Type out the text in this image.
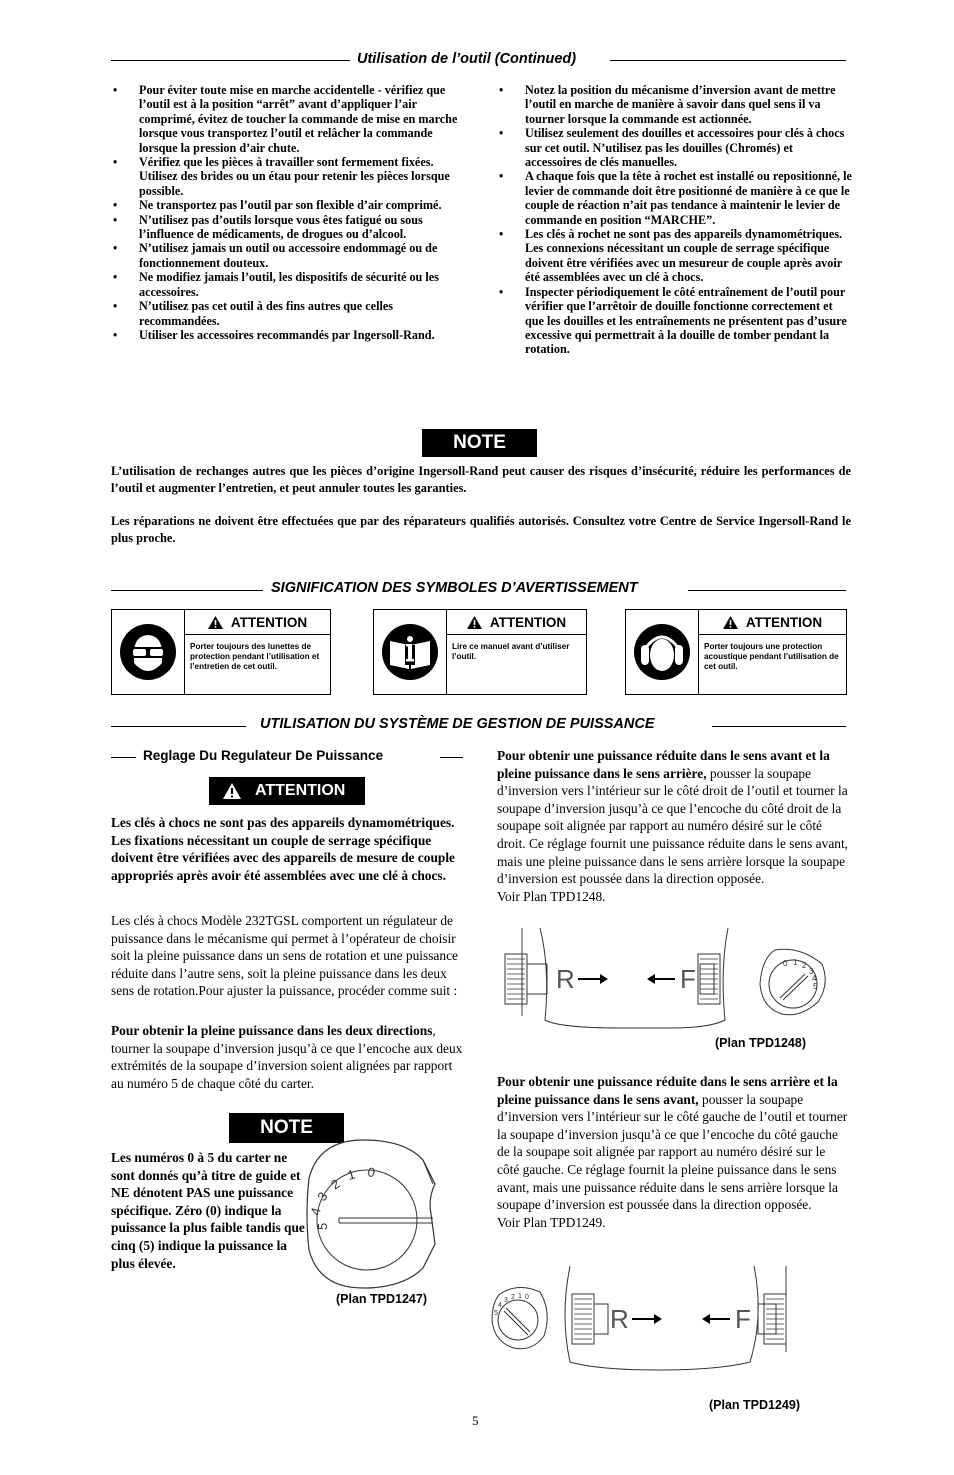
Utilisation de l’outil (Continued)
• Pour éviter toute mise en marche accidentelle - vérifiez que l’outil est à la position “arrêt” avant d’appliquer l’air comprimé, évitez de toucher la commande de mise en marche lorsque vous transportez l’outil et relâcher la commande lorsque la pression d’air chute.
• Vérifiez que les pièces à travailler sont fermement fixées. Utilisez des brides ou un étau pour retenir les pièces lorsque possible.
• Ne transportez pas l’outil par son flexible d’air comprimé.
• N’utilisez pas d’outils lorsque vous êtes fatigué ou sous l’influence de médicaments, de drogues ou d’alcool.
• N’utilisez jamais un outil ou accessoire endommagé ou de fonctionnement douteux.
• Ne modifiez jamais l’outil, les dispositifs de sécurité ou les accessoires.
• N’utilisez pas cet outil à des fins autres que celles recommandées.
• Utiliser les accessoires recommandés par Ingersoll-Rand.
• Notez la position du mécanisme d’inversion avant de mettre l’outil en marche de manière à savoir dans quel sens il va tourner lorsque la commande est actionnée.
• Utilisez seulement des douilles et accessoires pour clés à chocs sur cet outil. N’utilisez pas les douilles (Chromés) et accessoires de clés manuelles.
• A chaque fois que la tête à rochet est installé ou repositionné, le levier de commande doit être positionné de manière à ce que le couple de réaction n’ait pas tendance à maintenir le levier de commande en position “MARCHE”.
• Les clés à rochet ne sont pas des appareils dynamométriques. Les connexions nécessitant un couple de serrage spécifique doivent être vérifiées avec un mesureur de couple après avoir été assemblées avec un clé à chocs.
• Inspecter périodiquement le côté entraînement de l’outil pour vérifier que l’arrêtoir de douille fonctionne correctement et que les douilles et les entraînements ne présentent pas d’usure excessive qui permettrait à la douille de tomber pendant la rotation.
NOTE
L’utilisation de rechanges autres que les pièces d’origine Ingersoll-Rand peut causer des risques d’insécurité, réduire les performances de l’outil et augmenter l’entretien, et peut annuler toutes les garanties.
Les réparations ne doivent être effectuées que par des réparateurs qualifiés autorisés. Consultez votre Centre de Service Ingersoll-Rand le plus proche.
SIGNIFICATION DES SYMBOLES D’AVERTISSEMENT
ATTENTION
Porter toujours des lunettes de protection pendant l’utilisation et l’entretien de cet outil.
ATTENTION
Lire ce manuel avant d’utiliser l’outil.
ATTENTION
Porter toujours une protection acoustique pendant l’utilisation de cet outil.
UTILISATION DU SYSTÈME DE GESTION DE PUISSANCE
Reglage Du Regulateur De Puissance
ATTENTION
Les clés à chocs ne sont pas des appareils dynamométriques. Les fixations nécessitant un couple de serrage spécifique doivent être vérifiées avec des appareils de mesure de couple appropriés après avoir été assemblées avec une clé à chocs.
Les clés à chocs Modèle 232TGSL comportent un régulateur de puissance dans le mécanisme qui permet à l’opérateur de choisir soit la pleine puissance dans un sens de rotation et une puissance réduite dans l’autre sens, soit la pleine puissance dans les deux sens de rotation.Pour ajuster la puissance, procéder comme suit :
Pour obtenir la pleine puissance dans les deux directions, tourner la soupape d’inversion jusqu’à ce que l’encoche aux deux extrémités de la soupape d’inversion soient alignées par rapport au numéro 5 de chaque côté du carter.
NOTE
Les numéros 0 à 5 du carter ne sont donnés qu’à titre de guide et NE dénotent PAS une puissance spécifique. Zéro (0) indique la puissance la plus faible tandis que cinq (5) indique la puissance la plus élevée.
0
1
2
3
4
5
(Plan TPD1247)
Pour obtenir une puissance réduite dans le sens avant et la pleine puissance dans le sens arrière, pousser la soupape d’inversion vers l’intérieur sur le côté droit de l’outil et tourner la soupape d’inversion jusqu’à ce que l’encoche du côté droit de la soupape soit alignée par rapport au numéro désiré sur le côté droit. Ce réglage fournit une puissance réduite dans le sens avant, mais une pleine puissance dans le sens arrière lorsque la soupape d’inversion est poussée dans la direction opposée.
Voir Plan TPD1248.
R	F
0 1 2
3
4
5
(Plan TPD1248)
Pour obtenir une puissance réduite dans le sens arrière et la pleine puissance dans le sens avant, pousser la soupape d’inversion vers l’intérieur sur le côté gauche de l’outil et tourner la soupape d’inversion jusqu’à ce que l’encoche du côté gauche de la soupape soit alignée par rapport au numéro désiré sur le côté gauche. Ce réglage fournit la pleine puissance dans le sens avant, mais une puissance réduite dans le sens arrière lorsque la soupape d’inversion est poussée dans la direction opposée.
Voir Plan TPD1249.
5
4
3 2 1 0
R	F
(Plan TPD1249)
5
